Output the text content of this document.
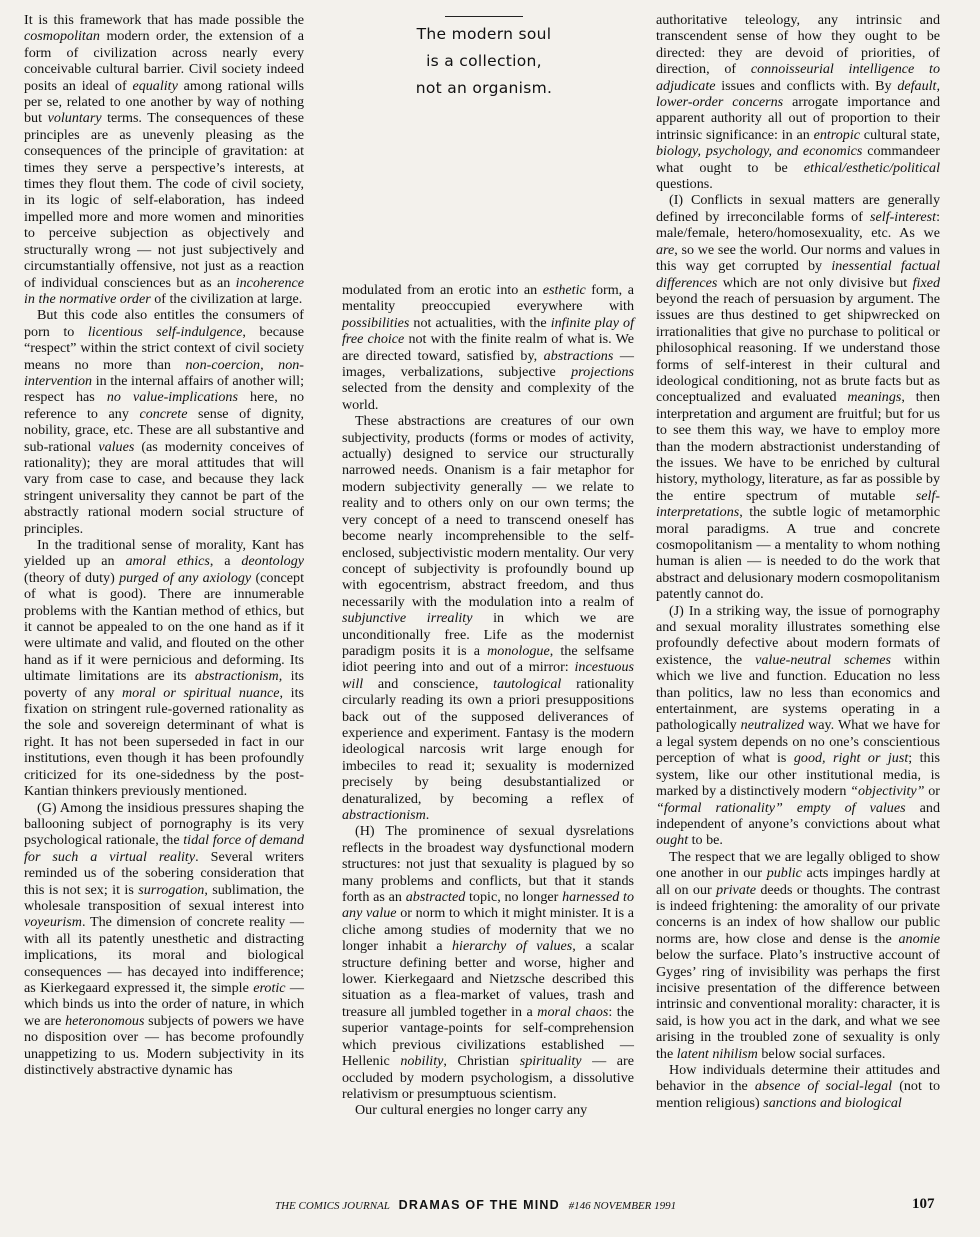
It is this framework that has made possible the cosmopolitan modern order, the extension of a form of civilization across nearly every conceivable cultural barrier. Civil society indeed posits an ideal of equality among rational wills per se, related to one another by way of nothing but voluntary terms. The consequences of these principles are as unevenly pleasing as the consequences of the principle of gravitation: at times they serve a perspective’s interests, at times they flout them. The code of civil society, in its logic of self-elaboration, has indeed impelled more and more women and minorities to perceive subjection as objectively and structurally wrong — not just subjectively and circumstantially offensive, not just as a reaction of individual consciences but as an incoherence in the normative order of the civilization at large.

But this code also entitles the consumers of porn to licentious self-indulgence, because “respect” within the strict context of civil society means no more than non-coercion, non-intervention in the internal affairs of another will; respect has no value-implications here, no reference to any concrete sense of dignity, nobility, grace, etc. These are all substantive and sub-rational values (as modernity conceives of rationality); they are moral attitudes that will vary from case to case, and because they lack stringent universality they cannot be part of the abstractly rational modern social structure of principles.

In the traditional sense of morality, Kant has yielded up an amoral ethics, a deontology (theory of duty) purged of any axiology (concept of what is good). There are innumerable problems with the Kantian method of ethics, but it cannot be appealed to on the one hand as if it were ultimate and valid, and flouted on the other hand as if it were pernicious and deforming. Its ultimate limitations are its abstractionism, its poverty of any moral or spiritual nuance, its fixation on stringent rule-governed rationality as the sole and sovereign determinant of what is right. It has not been superseded in fact in our institutions, even though it has been profoundly criticized for its one-sidedness by the post-Kantian thinkers previously mentioned.

(G) Among the insidious pressures shaping the ballooning subject of pornography is its very psychological rationale, the tidal force of demand for such a virtual reality. Several writers reminded us of the sobering consideration that this is not sex; it is surrogation, sublimation, the wholesale transposition of sexual interest into voyeurism. The dimension of concrete reality — with all its patently unesthetic and distracting implications, its moral and biological consequences — has decayed into indifference; as Kierkegaard expressed it, the simple erotic — which binds us into the order of nature, in which we are heteronomous subjects of powers we have no disposition over — has become profoundly unappetizing to us. Modern subjectivity in its distinctively abstractive dynamic has

The modern soul
is a collection,
not an organism.

modulated from an erotic into an esthetic form, a mentality preoccupied everywhere with possibilities not actualities, with the infinite play of free choice not with the finite realm of what is. We are directed toward, satisfied by, abstractions — images, verbalizations, subjective projections selected from the density and complexity of the world.

These abstractions are creatures of our own subjectivity, products (forms or modes of activity, actually) designed to service our structurally narrowed needs. Onanism is a fair metaphor for modern subjectivity generally — we relate to reality and to others only on our own terms; the very concept of a need to transcend oneself has become nearly incomprehensible to the self-enclosed, subjectivistic modern mentality. Our very concept of subjectivity is profoundly bound up with egocentrism, abstract freedom, and thus necessarily with the modulation into a realm of subjunctive irreality in which we are unconditionally free. Life as the modernist paradigm posits it is a monologue, the selfsame idiot peering into and out of a mirror: incestuous will and conscience, tautological rationality circularly reading its own a priori presuppositions back out of the supposed deliverances of experience and experiment. Fantasy is the modern ideological narcosis writ large enough for imbeciles to read it; sexuality is modernized precisely by being desubstantialized or denaturalized, by becoming a reflex of abstractionism.

(H) The prominence of sexual dysrelations reflects in the broadest way dysfunctional modern structures: not just that sexuality is plagued by so many problems and conflicts, but that it stands forth as an abstracted topic, no longer harnessed to any value or norm to which it might minister. It is a cliche among studies of modernity that we no longer inhabit a hierarchy of values, a scalar structure defining better and worse, higher and lower. Kierkegaard and Nietzsche described this situation as a flea-market of values, trash and treasure all jumbled together in a moral chaos: the superior vantage-points for self-comprehension which previous civilizations established — Hellenic nobility, Christian spirituality — are occluded by modern psychologism, a dissolutive relativism or presumptuous scientism.

Our cultural energies no longer carry any

authoritative teleology, any intrinsic and transcendent sense of how they ought to be directed: they are devoid of priorities, of direction, of connoisseurial intelligence to adjudicate issues and conflicts with. By default, lower-order concerns arrogate importance and apparent authority all out of proportion to their intrinsic significance: in an entropic cultural state, biology, psychology, and economics commandeer what ought to be ethical/esthetic/political questions.

(I) Conflicts in sexual matters are generally defined by irreconcilable forms of self-interest: male/female, hetero/homosexuality, etc. As we are, so we see the world. Our norms and values in this way get corrupted by inessential factual differences which are not only divisive but fixed beyond the reach of persuasion by argument. The issues are thus destined to get shipwrecked on irrationalities that give no purchase to political or philosophical reasoning. If we understand those forms of self-interest in their cultural and ideological conditioning, not as brute facts but as conceptualized and evaluated meanings, then interpretation and argument are fruitful; but for us to see them this way, we have to employ more than the modern abstractionist understanding of the issues. We have to be enriched by cultural history, mythology, literature, as far as possible by the entire spectrum of mutable self-interpretations, the subtle logic of metamorphic moral paradigms. A true and concrete cosmopolitanism — a mentality to whom nothing human is alien — is needed to do the work that abstract and delusionary modern cosmopolitanism patently cannot do.

(J) In a striking way, the issue of pornography and sexual morality illustrates something else profoundly defective about modern formats of existence, the value-neutral schemes within which we live and function. Education no less than politics, law no less than economics and entertainment, are systems operating in a pathologically neutralized way. What we have for a legal system depends on no one’s conscientious perception of what is good, right or just; this system, like our other institutional media, is marked by a distinctively modern “objectivity” or “formal rationality” empty of values and independent of anyone’s convictions about what ought to be.

The respect that we are legally obliged to show one another in our public acts impinges hardly at all on our private deeds or thoughts. The contrast is indeed frightening: the amorality of our private concerns is an index of how shallow our public norms are, how close and dense is the anomie below the surface. Plato’s instructive account of Gyges’ ring of invisibility was perhaps the first incisive presentation of the difference between intrinsic and conventional morality: character, it is said, is how you act in the dark, and what we see arising in the troubled zone of sexuality is only the latent nihilism below social surfaces.

How individuals determine their attitudes and behavior in the absence of social-legal (not to mention religious) sanctions and biological

THE COMICS JOURNAL DRAMAS OF THE MIND #146 NOVEMBER 1991	107
